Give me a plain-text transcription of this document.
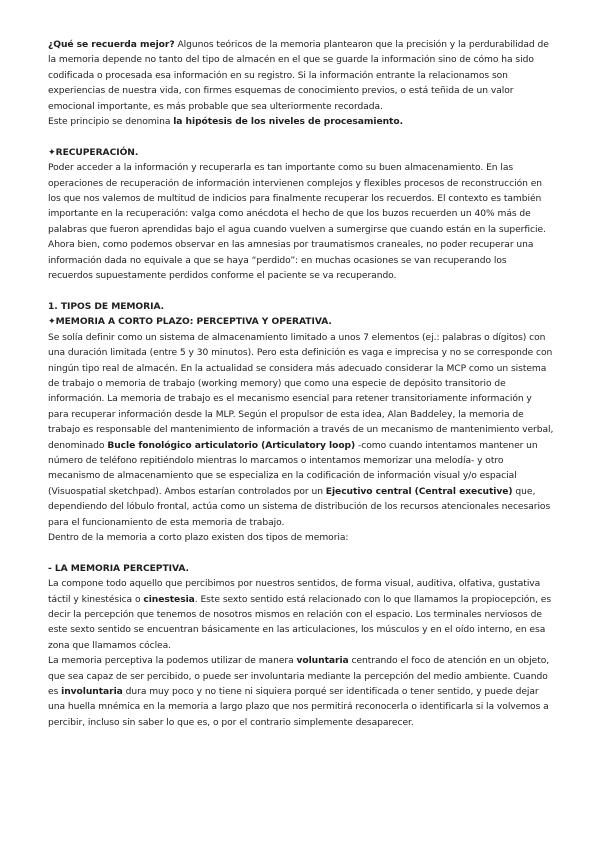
¿Qué se recuerda mejor? Algunos teóricos de la memoria plantearon que la precisión y la perdurabilidad de la memoria depende no tanto del tipo de almacén en el que se guarde la información sino de cómo ha sido codificada o procesada esa información en su registro. Si la información entrante la relacionamos son experiencias de nuestra vida, con firmes esquemas de conocimiento previos, o está teñida de un valor emocional importante, es más probable que sea ulteriormente recordada.

Este principio se denomina la hipótesis de los niveles de procesamiento.

✦RECUPERACIÓN.

Poder acceder a la información y recuperarla es tan importante como su buen almacenamiento. En las operaciones de recuperación de información intervienen complejos y flexibles procesos de reconstrucción en los que nos valemos de multitud de indicios para finalmente recuperar los recuerdos. El contexto es también importante en la recuperación: valga como anécdota el hecho de que los buzos recuerden un 40% más de palabras que fueron aprendidas bajo el agua cuando vuelven a sumergirse que cuando están en la superficie.

Ahora bien, como podemos observar en las amnesias por traumatismos craneales, no poder recuperar una información dada no equivale a que se haya “perdido”: en muchas ocasiones se van recuperando los recuerdos supuestamente perdidos conforme el paciente se va recuperando.

1. TIPOS DE MEMORIA.

✦MEMORIA A CORTO PLAZO: PERCEPTIVA Y OPERATIVA.

Se solía definir como un sistema de almacenamiento limitado a unos 7 elementos (ej.: palabras o dígitos) con una duración limitada (entre 5 y 30 minutos). Pero esta definición es vaga e imprecisa y no se corresponde con ningún tipo real de almacén. En la actualidad se considera más adecuado considerar la MCP como un sistema de trabajo o memoria de trabajo (working memory) que como una especie de depósito transitorio de información. La memoria de trabajo es el mecanismo esencial para retener transitoriamente información y para recuperar información desde la MLP. Según el propulsor de esta idea, Alan Baddeley, la memoria de trabajo es responsable del mantenimiento de información a través de un mecanismo de mantenimiento verbal, denominado Bucle fonológico articulatorio (Articulatory loop) -como cuando intentamos mantener un número de teléfono repitiéndolo mientras lo marcamos o intentamos memorizar una melodía- y otro mecanismo de almacenamiento que se especializa en la codificación de información visual y/o espacial (Visuospatial sketchpad). Ambos estarían controlados por un Ejecutivo central (Central executive) que, dependiendo del lóbulo frontal, actúa como un sistema de distribución de los recursos atencionales necesarios para el funcionamiento de esta memoria de trabajo.

Dentro de la memoria a corto plazo existen dos tipos de memoria:

- LA MEMORIA PERCEPTIVA.

La compone todo aquello que percibimos por nuestros sentidos, de forma visual, auditiva, olfativa, gustativa táctil y kinestésica o cinestesia. Este sexto sentido está relacionado con lo que llamamos la propiocepción, es decir la percepción que tenemos de nosotros mismos en relación con el espacio. Los terminales nerviosos de este sexto sentido se encuentran básicamente en las articulaciones, los músculos y en el oído interno, en esa zona que llamamos cóclea.

La memoria perceptiva la podemos utilizar de manera voluntaria centrando el foco de atención en un objeto, que sea capaz de ser percibido, o puede ser involuntaria mediante la percepción del medio ambiente. Cuando es involuntaria dura muy poco y no tiene ni siquiera porqué ser identificada o tener sentido, y puede dejar una huella mnémica en la memoria a largo plazo que nos permitirá reconocerla o identificarla si la volvemos a percibir, incluso sin saber lo que es, o por el contrario simplemente desaparecer.
